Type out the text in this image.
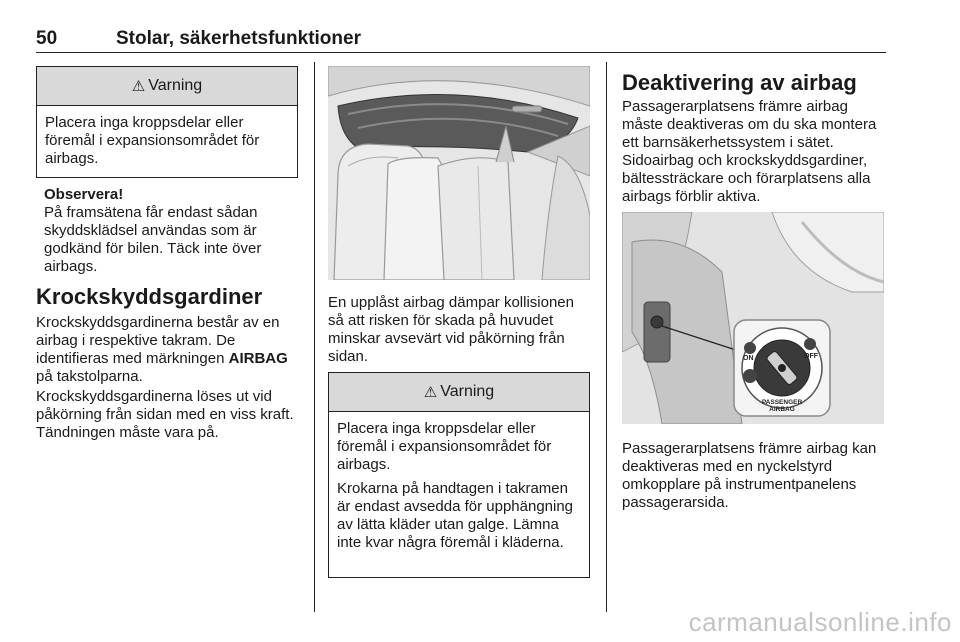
50	Stolar, säkerhetsfunktioner
⚠ Varning

Placera inga kroppsdelar eller föremål i expansionsområdet för airbags.

Observera!
På framsätena får endast sådan skyddsklädsel användas som är godkänd för bilen. Täck inte över airbags.
Krockskyddsgardiner

Krockskyddsgardinerna består av en airbag i respektive takram. De identifieras med märkningen AIRBAG på takstolparna.

Krockskyddsgardinerna löses ut vid påkörning från sidan med en viss kraft. Tändningen måste vara på.

En upplåst airbag dämpar kollisionen så att risken för skada på huvudet minskar avsevärt vid påkörning från sidan.

⚠ Varning

Placera inga kroppsdelar eller föremål i expansionsområdet för airbags.

Krokarna på handtagen i takramen är endast avsedda för upphängning av lätta kläder utan galge. Lämna inte kvar några föremål i kläderna.

Deaktivering av airbag

Passagerarplatsens främre airbag måste deaktiveras om du ska montera ett barnsäkerhetssystem i sätet. Sidoairbag och krockskyddsgardiner, bältessträckare och förarplatsens alla airbags förblir aktiva.

ON	OFF
PASSENGER
AIRBAG

Passagerarplatsens främre airbag kan deaktiveras med en nyckelstyrd omkopplare på instrumentpanelens passagerarsida.

carmanualsonline.info
